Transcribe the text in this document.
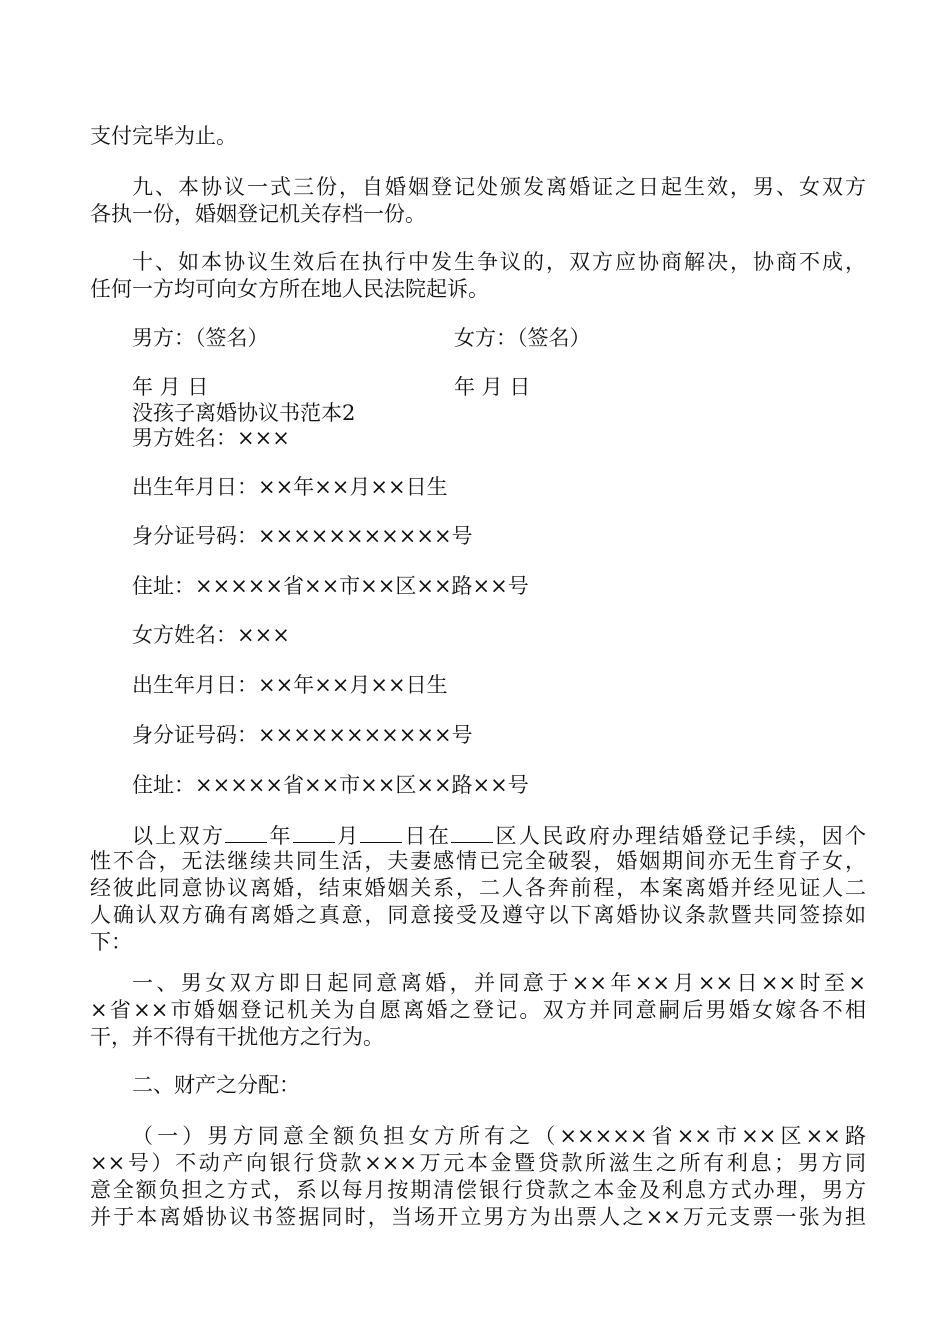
支付完毕为止。
九、本协议一式三份，自婚姻登记处颁发离婚证之日起生效，男、女双方
各执一份，婚姻登记机关存档一份。
十、如本协议生效后在执行中发生争议的，双方应协商解决，协商不成，
任何一方均可向女方所在地人民法院起诉。
男方：（签名）	女方：（签名）
年 月 日	年 月 日
没孩子离婚协议书范本2
男方姓名：×××
出生年月日：××年××月××日生
身分证号码：×××××××××××号
住址：×××××省××市××区××路××号
女方姓名：×××
出生年月日：××年××月××日生
身分证号码：×××××××××××号
住址：×××××省××市××区××路××号
以上双方 年 月 日在 区人民政府办理结婚登记手续，因个
性不合，无法继续共同生活，夫妻感情已完全破裂，婚姻期间亦无生育子女，
经彼此同意协议离婚，结束婚姻关系，二人各奔前程，本案离婚并经见证人二
人确认双方确有离婚之真意，同意接受及遵守以下离婚协议条款暨共同签捺如
下：
一、男女双方即日起同意离婚，并同意于××年××月××日××时至×
×省××市婚姻登记机关为自愿离婚之登记。双方并同意嗣后男婚女嫁各不相
干，并不得有干扰他方之行为。
二、财产之分配：
（一）男方同意全额负担女方所有之（×××××省××市××区××路
××号）不动产向银行贷款×××万元本金暨贷款所滋生之所有利息；男方同
意全额负担之方式，系以每月按期清偿银行贷款之本金及利息方式办理，男方
并于本离婚协议书签据同时，当场开立男方为出票人之××万元支票一张为担
